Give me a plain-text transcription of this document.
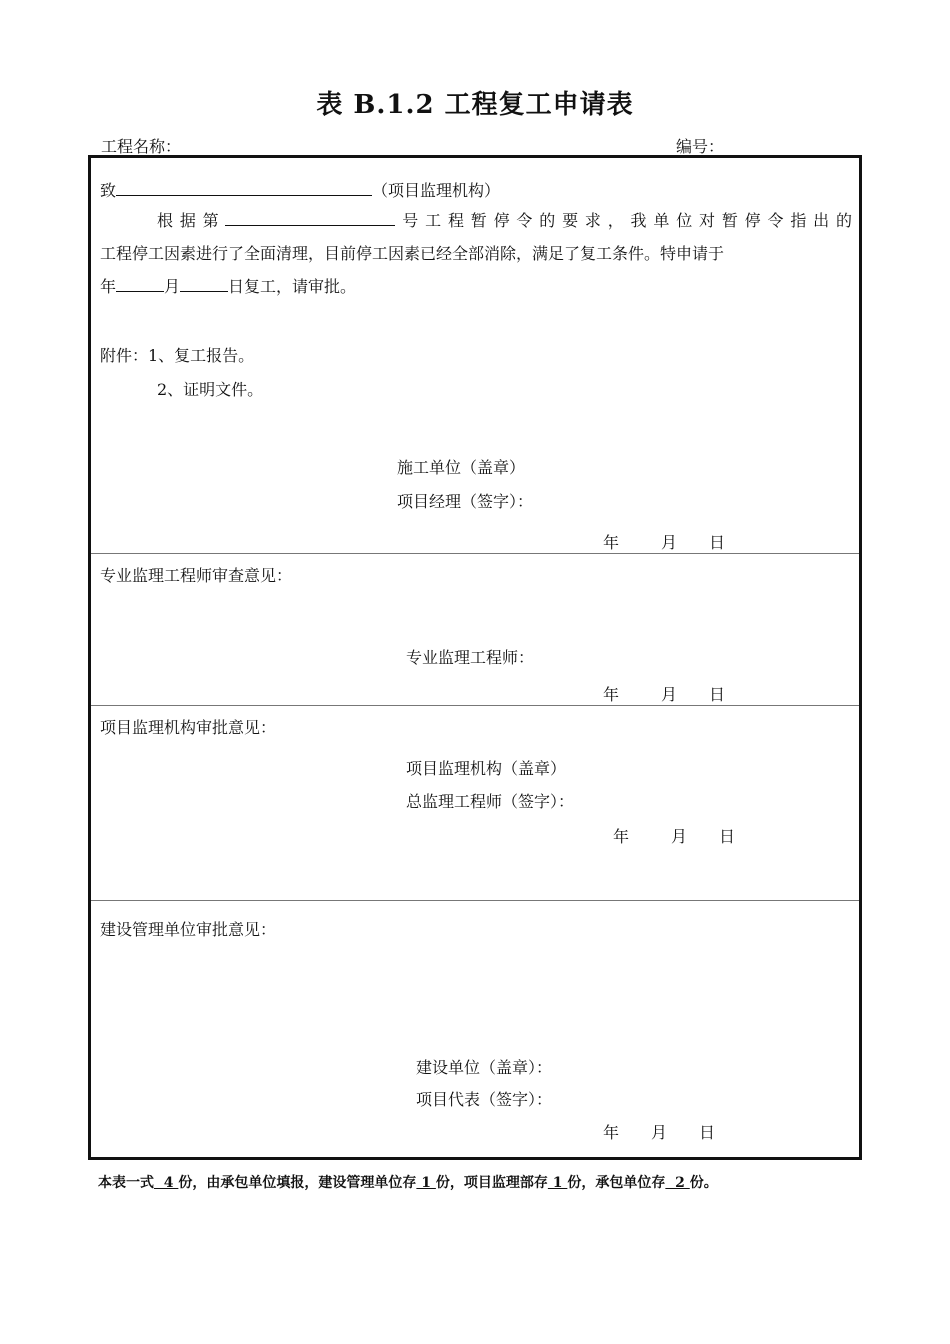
表 B.1.2 工程复工申请表
工程名称：	编号：
致	（项目监理机构）
根据第	号工程暂停令的要求，我单位对暂停令指出的
工程停工因素进行了全面清理，目前停工因素已经全部消除，满足了复工条件。特申请于
年	月	日复工，请审批。
附件：1、复工报告。
2、证明文件。
施工单位（盖章）
项目经理（签字）：
年	月 日
专业监理工程师审查意见：
专业监理工程师：
年	月 日
项目监理机构审批意见：
项目监理机构（盖章）
总监理工程师（签字）：
年	月 日
建设管理单位审批意见：
建设单位（盖章）：
项目代表（签字）：
年 月 日
本表一式  4 份，由承包单位填报，建设管理单位存 1 份，项目监理部存 1 份，承包单位存  2 份。
